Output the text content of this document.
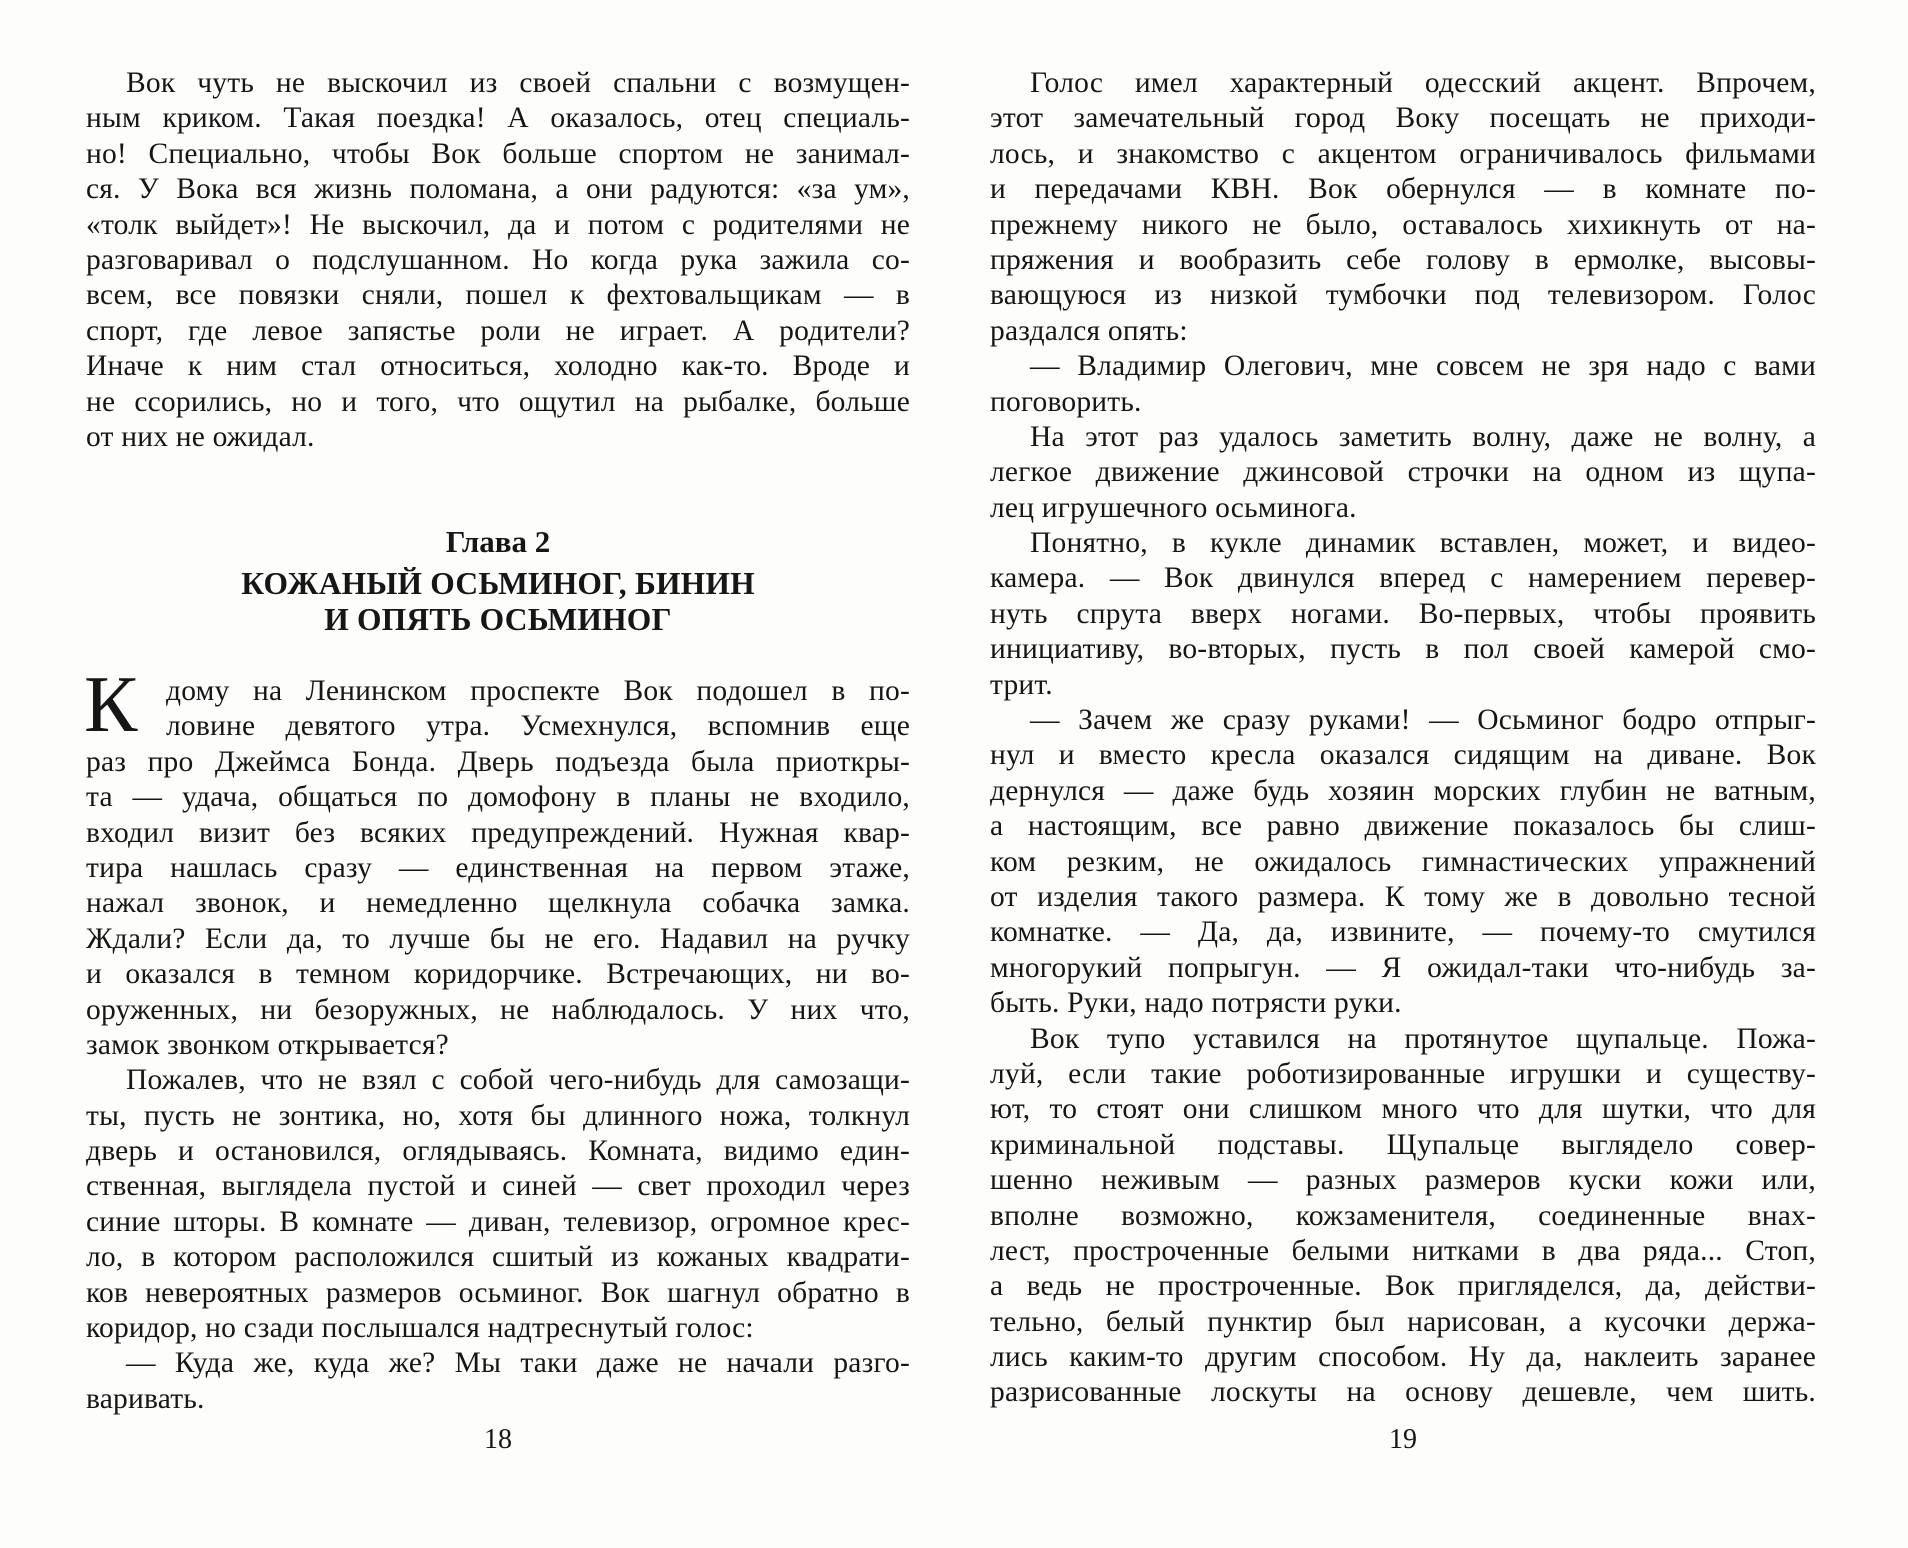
Вок чуть не выскочил из своей спальни с возмущен-
ным криком. Такая поездка! А оказалось, отец специаль-
но! Специально, чтобы Вок больше спортом не занимал-
ся. У Вока вся жизнь поломана, а они радуются: «за ум»,
«толк выйдет»! Не выскочил, да и потом с родителями не
разговаривал о подслушанном. Но когда рука зажила со-
всем, все повязки сняли, пошел к фехтовальщикам — в
спорт, где левое запястье роли не играет. А родители?
Иначе к ним стал относиться, холодно как-то. Вроде и
не ссорились, но и того, что ощутил на рыбалке, больше
от них не ожидал.
Глава 2
КОЖАНЫЙ ОСЬМИНОГ, БИНИН
И ОПЯТЬ ОСЬМИНОГ
К дому на Ленинском проспекте Вок подошел в по-
ловине девятого утра. Усмехнулся, вспомнив еще
раз про Джеймса Бонда. Дверь подъезда была приоткры-
та — удача, общаться по домофону в планы не входило,
входил визит без всяких предупреждений. Нужная квар-
тира нашлась сразу — единственная на первом этаже,
нажал звонок, и немедленно щелкнула собачка замка.
Ждали? Если да, то лучше бы не его. Надавил на ручку
и оказался в темном коридорчике. Встречающих, ни во-
оруженных, ни безоружных, не наблюдалось. У них что,
замок звонком открывается?
Пожалев, что не взял с собой чего-нибудь для самозащи-
ты, пусть не зонтика, но, хотя бы длинного ножа, толкнул
дверь и остановился, оглядываясь. Комната, видимо един-
ственная, выглядела пустой и синей — свет проходил через
синие шторы. В комнате — диван, телевизор, огромное крес-
ло, в котором расположился сшитый из кожаных квадрати-
ков невероятных размеров осьминог. Вок шагнул обратно в
коридор, но сзади послышался надтреснутый голос:
— Куда же, куда же? Мы таки даже не начали разго-
варивать.
18
Голос имел характерный одесский акцент. Впрочем,
этот замечательный город Воку посещать не приходи-
лось, и знакомство с акцентом ограничивалось фильмами
и передачами КВН. Вок обернулся — в комнате по-
прежнему никого не было, оставалось хихикнуть от на-
пряжения и вообразить себе голову в ермолке, высовы-
вающуюся из низкой тумбочки под телевизором. Голос
раздался опять:
— Владимир Олегович, мне совсем не зря надо с вами
поговорить.
На этот раз удалось заметить волну, даже не волну, а
легкое движение джинсовой строчки на одном из щупа-
лец игрушечного осьминога.
Понятно, в кукле динамик вставлен, может, и видео-
камера. — Вок двинулся вперед с намерением перевер-
нуть спрута вверх ногами. Во-первых, чтобы проявить
инициативу, во-вторых, пусть в пол своей камерой смо-
трит.
— Зачем же сразу руками! — Осьминог бодро отпрыг-
нул и вместо кресла оказался сидящим на диване. Вок
дернулся — даже будь хозяин морских глубин не ватным,
а настоящим, все равно движение показалось бы слиш-
ком резким, не ожидалось гимнастических упражнений
от изделия такого размера. К тому же в довольно тесной
комнатке. — Да, да, извините, — почему-то смутился
многорукий попрыгун. — Я ожидал-таки что-нибудь за-
быть. Руки, надо потрясти руки.
Вок тупо уставился на протянутое щупальце. Пожа-
луй, если такие роботизированные игрушки и существу-
ют, то стоят они слишком много что для шутки, что для
криминальной подставы. Щупальце выглядело совер-
шенно неживым — разных размеров куски кожи или,
вполне возможно, кожзаменителя, соединенные внах-
лест, простроченные белыми нитками в два ряда... Стоп,
а ведь не простроченные. Вок пригляделся, да, действи-
тельно, белый пунктир был нарисован, а кусочки держа-
лись каким-то другим способом. Ну да, наклеить заранее
разрисованные лоскуты на основу дешевле, чем шить.
19
